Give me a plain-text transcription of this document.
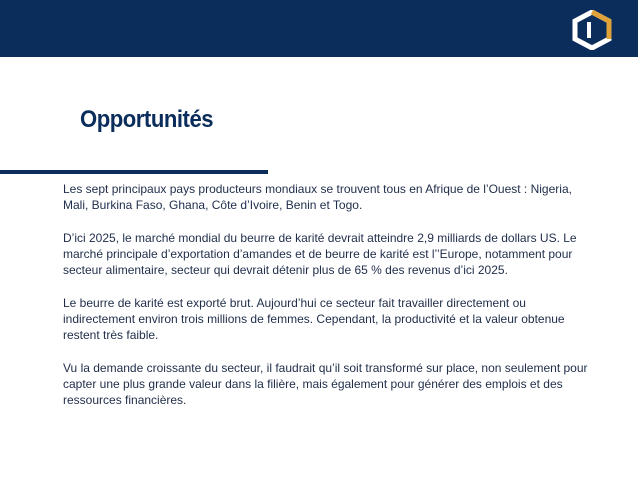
Opportunités

Les sept principaux pays producteurs mondiaux se trouvent tous en Afrique de l’Ouest : Nigeria, Mali, Burkina Faso, Ghana, Côte d’Ivoire, Benin et Togo.

D’ici 2025, le marché mondial du beurre de karité devrait atteindre 2,9 milliards de dollars US. Le marché principale d’exportation d’amandes et de beurre de karité est l’’Europe, notamment pour secteur alimentaire, secteur qui devrait détenir plus de 65 % des revenus d’ici 2025.

Le beurre de karité est exporté brut. Aujourd’hui ce secteur fait travailler directement ou indirectement environ trois millions de femmes. Cependant, la productivité et la valeur obtenue restent très faible.

Vu la demande croissante du secteur, il faudrait qu’il soit transformé sur place, non seulement pour capter une plus grande valeur dans la filière, mais également pour générer des emplois et des ressources financières.
